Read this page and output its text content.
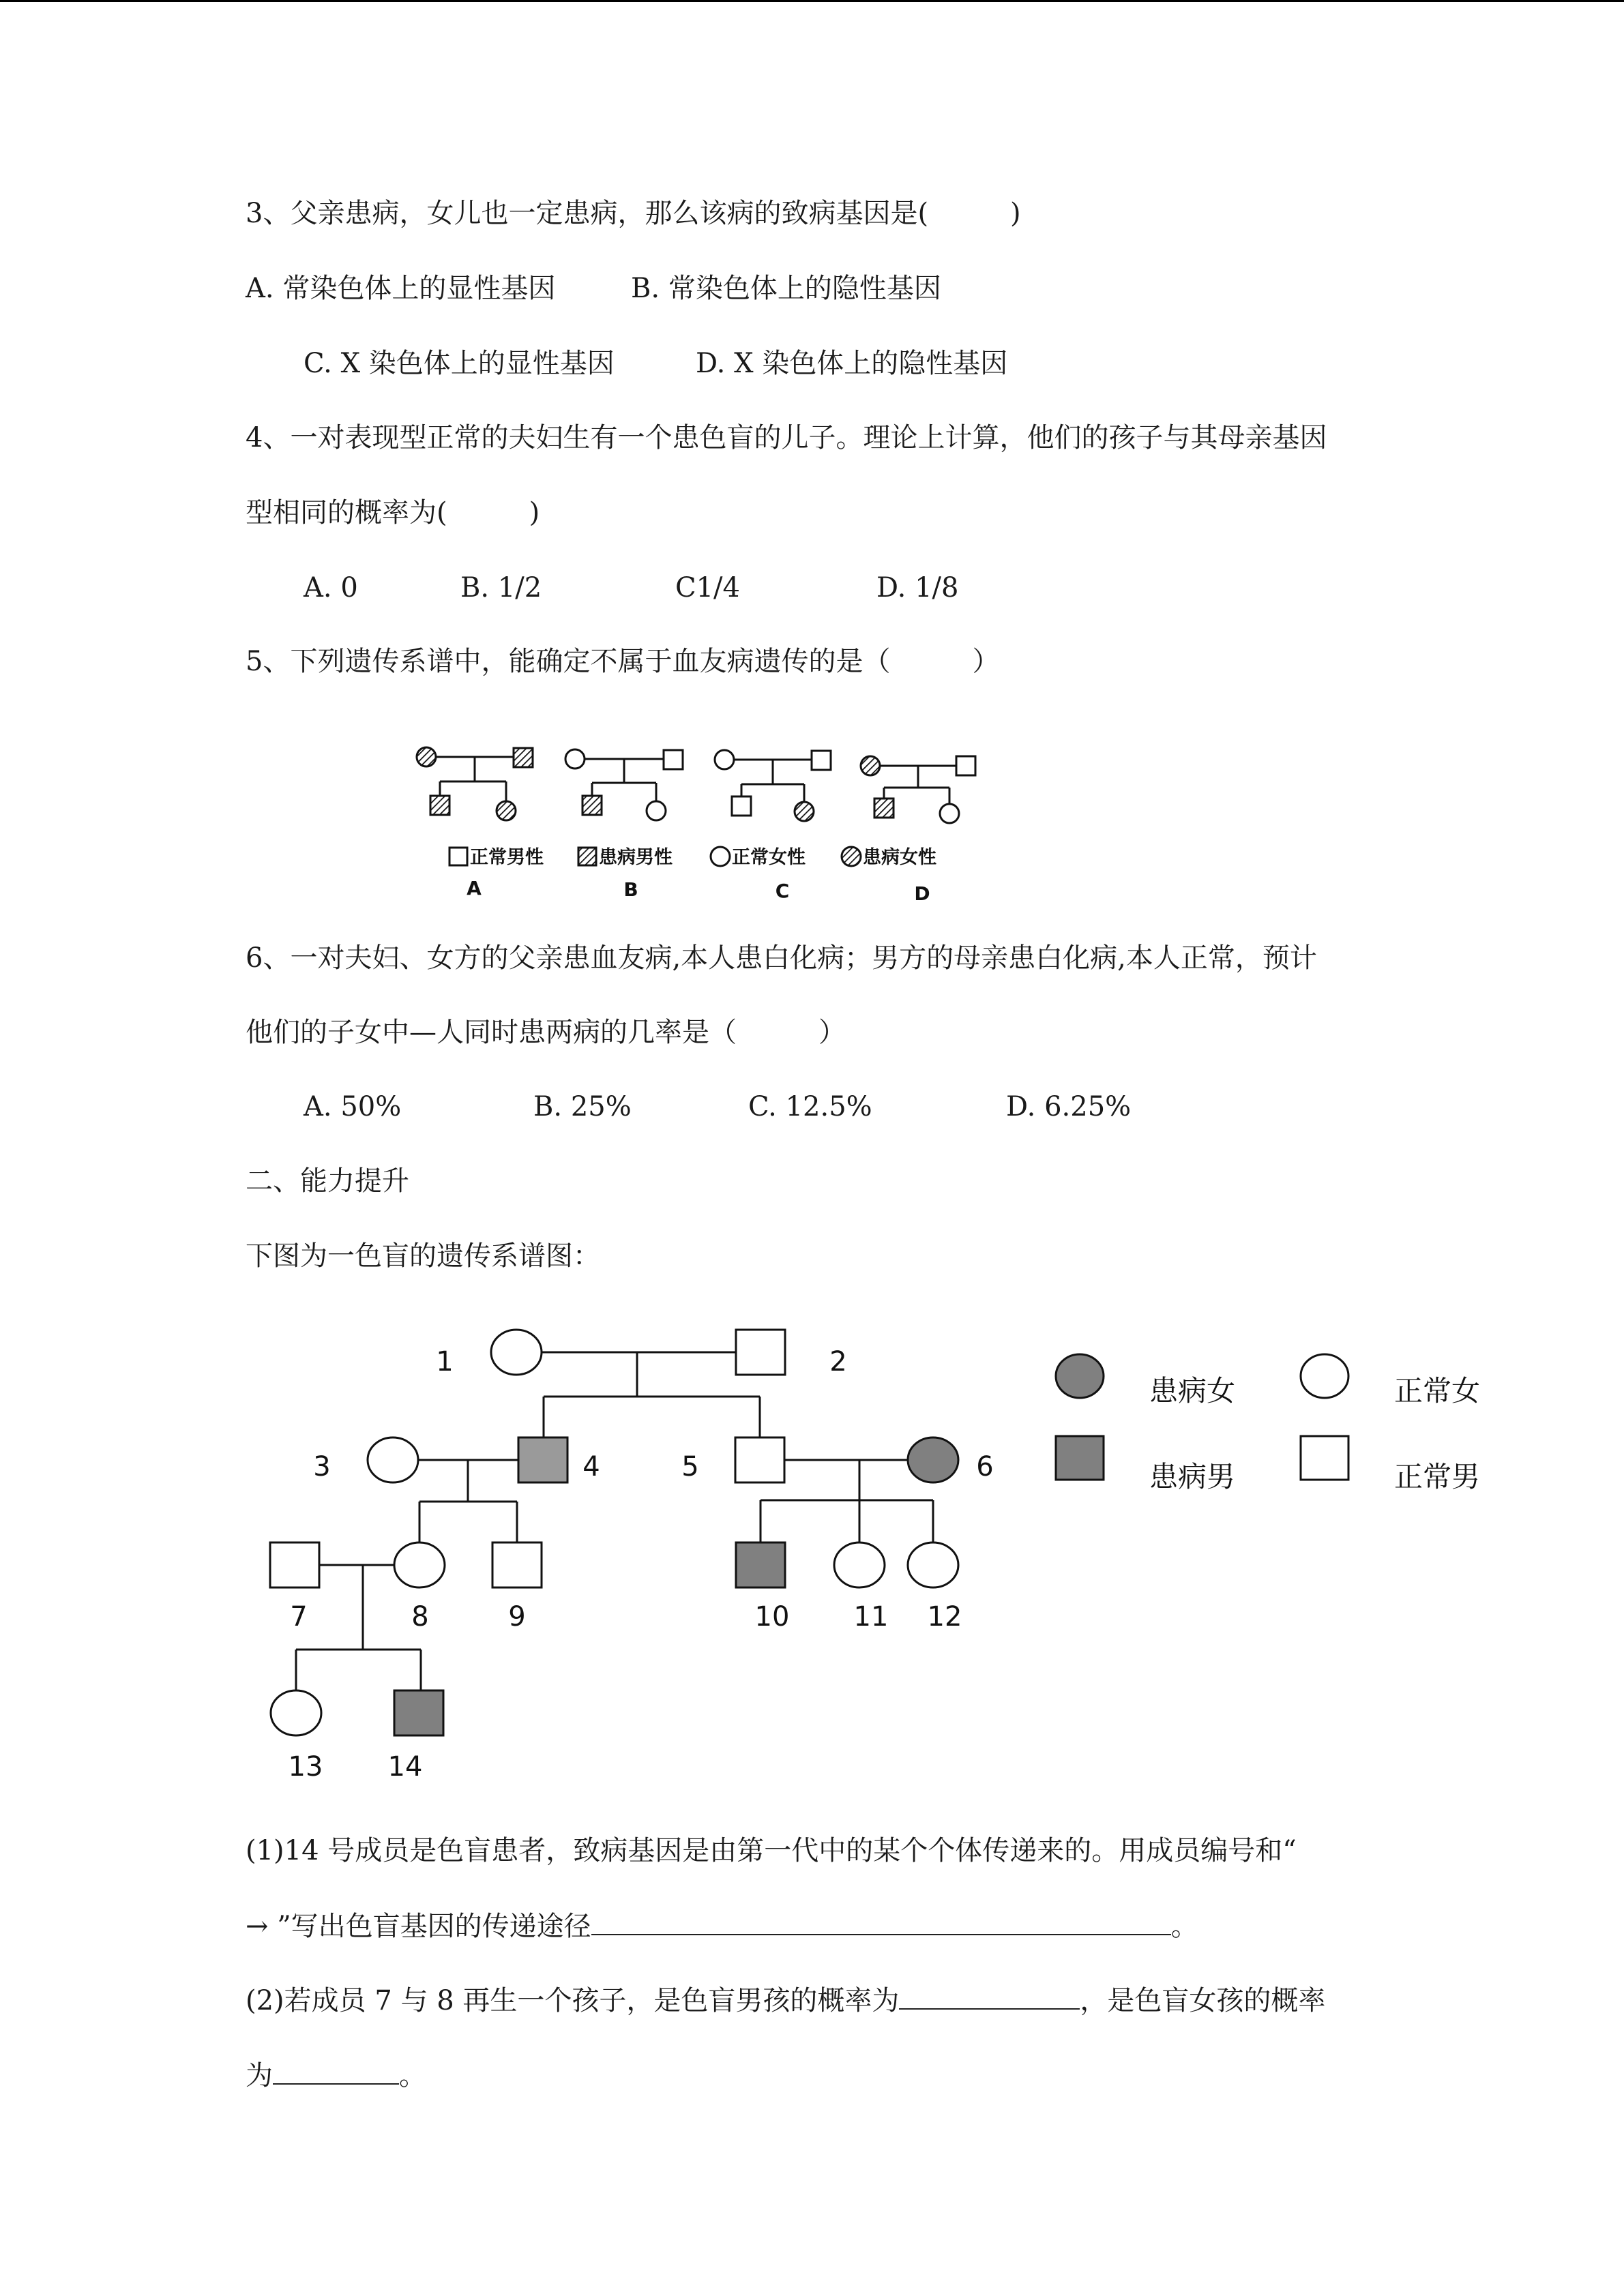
3、父亲患病，女儿也一定患病，那么该病的致病基因是(　　　)
A. 常染色体上的显性基因	B. 常染色体上的隐性基因
C. X 染色体上的显性基因	D. X 染色体上的隐性基因
4、一对表现型正常的夫妇生有一个患色盲的儿子。理论上计算，他们的孩子与其母亲基因
型相同的概率为(　　　)
A. 0	B. 1/2	C1/4	D. 1/8
5、下列遗传系谱中，能确定不属于血友病遗传的是（　　　）
正常男性	患病男性	正常女性	患病女性
A	B	C	D
6、一对夫妇、女方的父亲患血友病,本人患白化病；男方的母亲患白化病,本人正常，预计
他们的子女中—人同时患两病的几率是（　　　）
A. 50%	B. 25%	C. 12.5%	D. 6.25%
二、能力提升
下图为一色盲的遗传系谱图：
1	2
3	4	5	6
7	8	9	10 11 12
13 14
患病女	正常女
患病男	正常男
(1)14 号成员是色盲患者，致病基因是由第一代中的某个个体传递来的。用成员编号和“
→ ”写出色盲基因的传递途径	。
(2)若成员 7 与 8 再生一个孩子，是色盲男孩的概率为	，是色盲女孩的概率
为	。
